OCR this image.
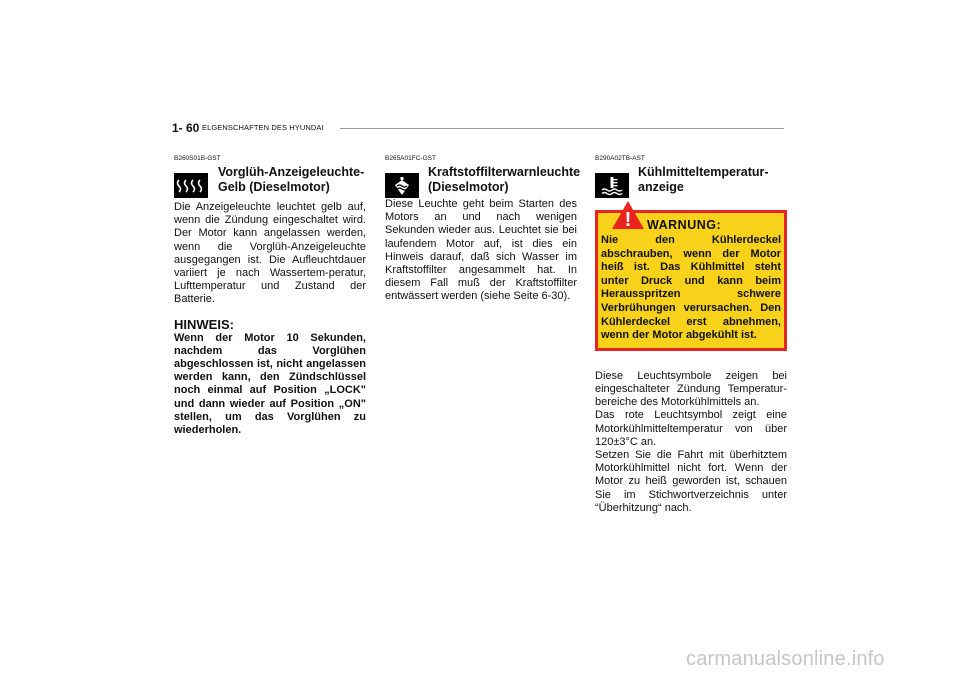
1- 60 ELGENSCHAFTEN DES HYUNDAI
B260S01B-GST
Vorglüh-Anzeigeleuchte-Gelb (Dieselmotor)

Die Anzeigeleuchte leuchtet gelb auf, wenn die Zündung eingeschaltet wird. Der Motor kann angelassen werden, wenn die Vorglüh-Anzeigeleuchte ausgegangen ist. Die Aufleuchtdauer variiert je nach Wassertem-peratur, Lufttemperatur und Zustand der Batterie.

HINWEIS:

Wenn der Motor 10 Sekunden, nachdem das Vorglühen abgeschlossen ist, nicht angelassen werden kann, den Zündschlüssel noch einmal auf Position „LOCK" und dann wieder auf Position „ON" stellen, um das Vorglühen zu wiederholen.

B265A01FC-GST
Kraftstoffilterwarnleuchte (Dieselmotor)

Diese Leuchte geht beim Starten des Motors an und nach wenigen Sekunden wieder aus. Leuchtet sie bei laufendem Motor auf, ist dies ein Hinweis darauf, daß sich Wasser im Kraftstoffilter angesammelt hat. In diesem Fall muß der Kraftstoffilter entwässert werden (siehe Seite 6-30).

B290A02TB-AST
Kühlmitteltemperatur-anzeige
! WARNUNG:

Nie den Kühlerdeckel abschrauben, wenn der Motor heiß ist. Das Kühlmittel steht unter Druck und kann beim Herausspritzen schwere Verbrühungen verursachen. Den Kühlerdeckel erst abnehmen, wenn der Motor abgekühlt ist.

Diese Leuchtsymbole zeigen bei eingeschalteter Zündung Temperatur-bereiche des Motorkühlmittels an.
Das rote Leuchtsymbol zeigt eine Motorkühlmitteltemperatur von über 120±3°C an.
Setzen Sie die Fahrt mit überhitztem Motorkühlmittel nicht fort. Wenn der Motor zu heiß geworden ist, schauen Sie im Stichwortverzeichnis unter “Überhitzung“ nach.

carmanualsonline.info
